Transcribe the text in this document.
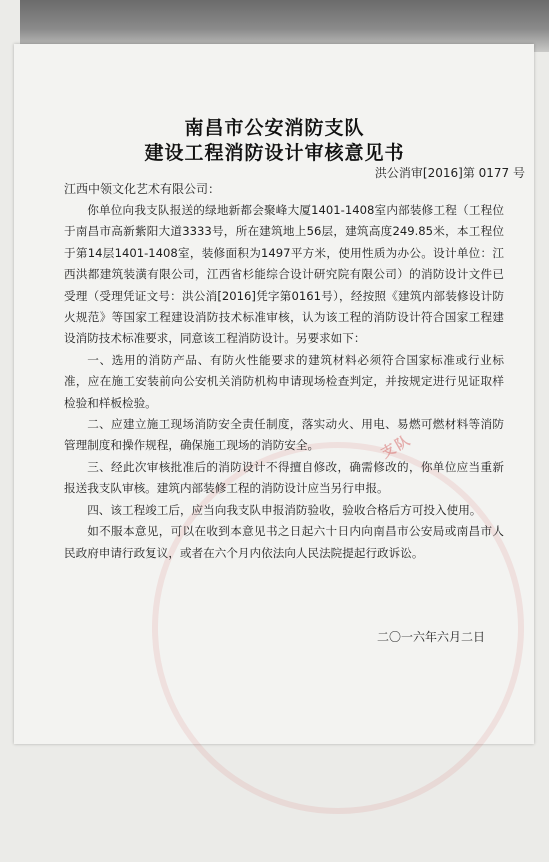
支队
南昌市公安消防支队
建设工程消防设计审核意见书
洪公消审[2016]第 0177 号
江西中领文化艺术有限公司：

你单位向我支队报送的绿地新都会聚峰大厦1401-1408室内部装修工程（工程位于南昌市高新紫阳大道3333号，所在建筑地上56层，建筑高度249.85米，本工程位于第14层1401-1408室，装修面积为1497平方米，使用性质为办公。设计单位：江西洪都建筑装潢有限公司，江西省杉能综合设计研究院有限公司）的消防设计文件已受理（受理凭证文号：洪公消[2016]凭字第0161号），经按照《建筑内部装修设计防火规范》等国家工程建设消防技术标准审核，认为该工程的消防设计符合国家工程建设消防技术标准要求，同意该工程消防设计。另要求如下：

一、选用的消防产品、有防火性能要求的建筑材料必须符合国家标准或行业标准，应在施工安装前向公安机关消防机构申请现场检查判定，并按规定进行见证取样检验和样板检验。

二、应建立施工现场消防安全责任制度，落实动火、用电、易燃可燃材料等消防管理制度和操作规程，确保施工现场的消防安全。

三、经此次审核批准后的消防设计不得擅自修改，确需修改的，你单位应当重新报送我支队审核。建筑内部装修工程的消防设计应当另行申报。

四、该工程竣工后，应当向我支队申报消防验收，验收合格后方可投入使用。

如不服本意见，可以在收到本意见书之日起六十日内向南昌市公安局或南昌市人民政府申请行政复议，或者在六个月内依法向人民法院提起行政诉讼。

二〇一六年六月二日
